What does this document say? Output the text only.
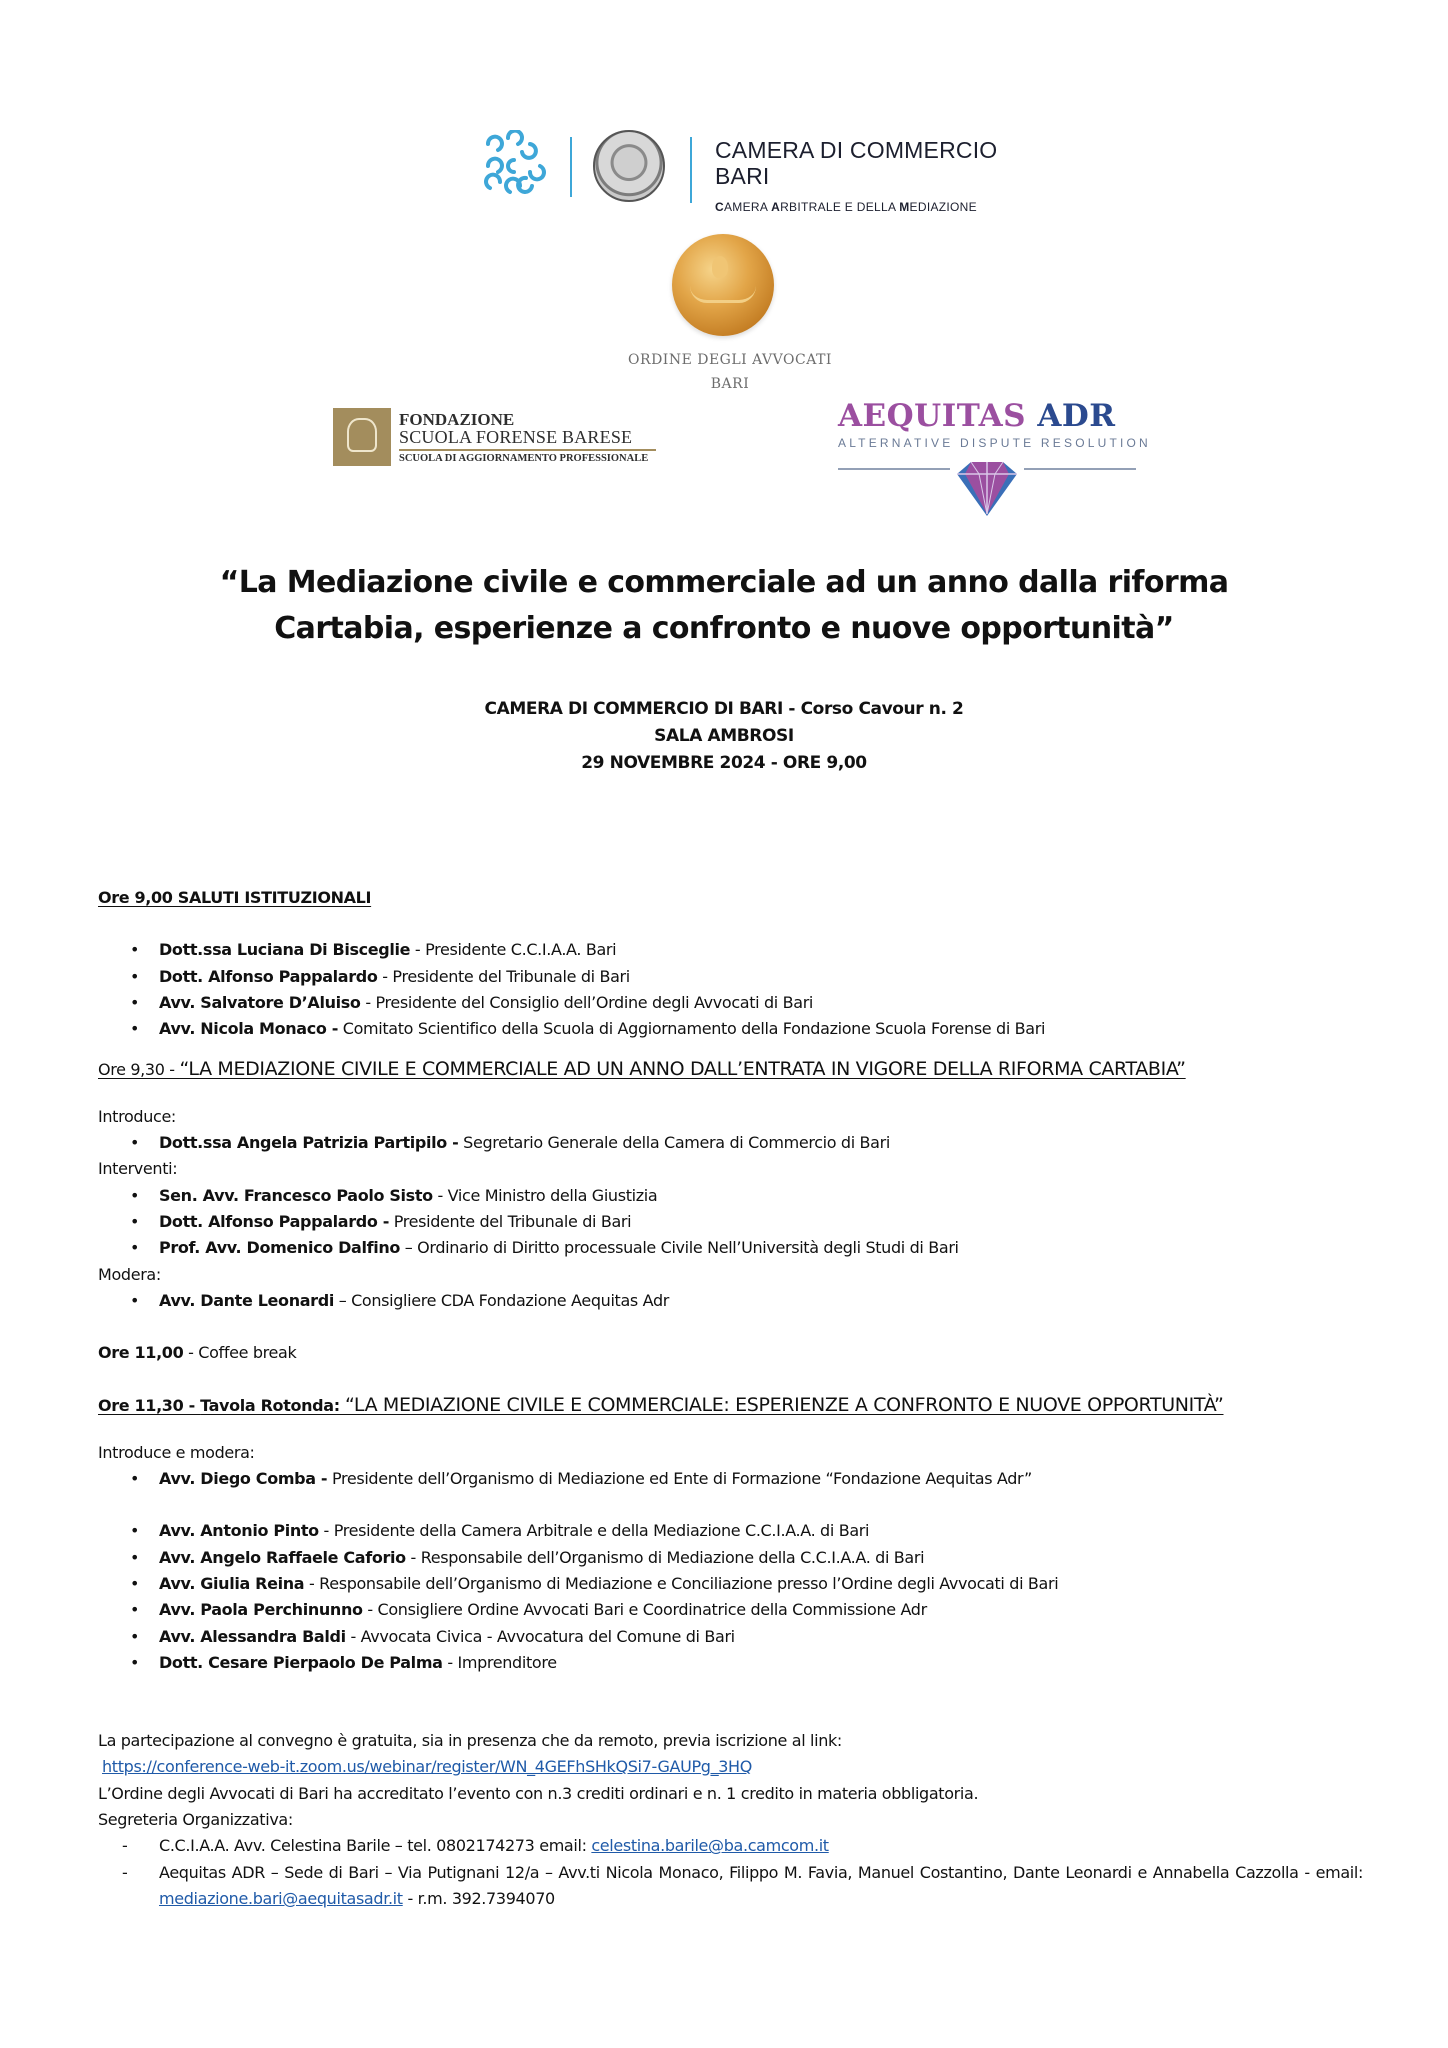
CAMERA DI COMMERCIO
BARI
CAMERA ARBITRALE E DELLA MEDIAZIONE
ORDINE DEGLI AVVOCATI
BARI
FONDAZIONE
SCUOLA FORENSE BARESE
SCUOLA DI AGGIORNAMENTO PROFESSIONALE
AEQUITAS ADR
ALTERNATIVE DISPUTE RESOLUTION
“La Mediazione civile e commerciale ad un anno dalla riforma
Cartabia, esperienze a confronto e nuove opportunità”
CAMERA DI COMMERCIO DI BARI - Corso Cavour n. 2
SALA AMBROSI
29 NOVEMBRE 2024 - ORE 9,00
Ore 9,00 SALUTI ISTITUZIONALI
• Dott.ssa Luciana Di Bisceglie - Presidente C.C.I.A.A. Bari
• Dott. Alfonso Pappalardo - Presidente del Tribunale di Bari
• Avv. Salvatore D’Aluiso - Presidente del Consiglio dell’Ordine degli Avvocati di Bari
• Avv. Nicola Monaco - Comitato Scientifico della Scuola di Aggiornamento della Fondazione Scuola Forense di Bari
Ore 9,30 - “LA MEDIAZIONE CIVILE E COMMERCIALE AD UN ANNO DALL’ENTRATA IN VIGORE DELLA RIFORMA CARTABIA”
Introduce:
• Dott.ssa Angela Patrizia Partipilo - Segretario Generale della Camera di Commercio di Bari
Interventi:
• Sen. Avv. Francesco Paolo Sisto - Vice Ministro della Giustizia
• Dott. Alfonso Pappalardo - Presidente del Tribunale di Bari
• Prof. Avv. Domenico Dalfino – Ordinario di Diritto processuale Civile Nell’Università degli Studi di Bari
Modera:
• Avv. Dante Leonardi – Consigliere CDA Fondazione Aequitas Adr
Ore 11,00 - Coffee break
Ore 11,30 - Tavola Rotonda: “LA MEDIAZIONE CIVILE E COMMERCIALE: ESPERIENZE A CONFRONTO E NUOVE OPPORTUNITÀ”
Introduce e modera:
• Avv. Diego Comba - Presidente dell’Organismo di Mediazione ed Ente di Formazione “Fondazione Aequitas Adr”
• Avv. Antonio Pinto - Presidente della Camera Arbitrale e della Mediazione C.C.I.A.A. di Bari
• Avv. Angelo Raffaele Caforio - Responsabile dell’Organismo di Mediazione della C.C.I.A.A. di Bari
• Avv. Giulia Reina - Responsabile dell’Organismo di Mediazione e Conciliazione presso l’Ordine degli Avvocati di Bari
• Avv. Paola Perchinunno - Consigliere Ordine Avvocati Bari e Coordinatrice della Commissione Adr
• Avv. Alessandra Baldi - Avvocata Civica - Avvocatura del Comune di Bari
• Dott. Cesare Pierpaolo De Palma - Imprenditore
La partecipazione al convegno è gratuita, sia in presenza che da remoto, previa iscrizione al link:
https://conference-web-it.zoom.us/webinar/register/WN_4GEFhSHkQSi7-GAUPg_3HQ
L’Ordine degli Avvocati di Bari ha accreditato l’evento con n.3 crediti ordinari e n. 1 credito in materia obbligatoria.
Segreteria Organizzativa:
- C.C.I.A.A. Avv. Celestina Barile – tel. 0802174273 email: celestina.barile@ba.camcom.it
- Aequitas ADR – Sede di Bari – Via Putignani 12/a – Avv.ti Nicola Monaco, Filippo M. Favia, Manuel Costantino, Dante Leonardi e Annabella Cazzolla - email: mediazione.bari@aequitasadr.it - r.m. 392.7394070
